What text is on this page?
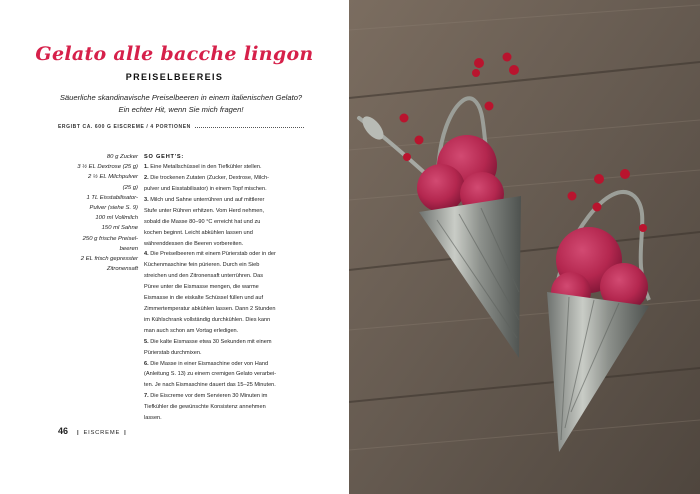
Gelato alle bacche lingon
PREISELBEEREIS
Säuerliche skandinavische Preiselbeeren in einem italienischen Gelato?
Ein echter Hit, wenn Sie mich fragen!
ERGIBT CA. 600 G EISCREME / 4 PORTIONEN
80 g Zucker
3 ½ EL Dextrose (25 g)
2 ½ EL Milchpulver
(25 g)
1 TL Eisstabilisator-
Pulver (siehe S. 9)
100 ml Vollmilch
150 ml Sahne
250 g frische Preisel-
beeren
2 EL frisch gepresster
Zitronensaft
SO GEHT'S:
1. Eine Metallschüssel in den Tiefkühler stellen.
2. Die trockenen Zutaten (Zucker, Dextrose, Milch-
pulver und Eisstabilisator) in einem Topf mischen.
3. Milch und Sahne unterrühren und auf mittlerer
Stufe unter Rühren erhitzen. Vom Herd nehmen,
sobald die Masse 80–90 °C erreicht hat und zu
kochen beginnt. Leicht abkühlen lassen und
währenddessen die Beeren vorbereiten.
4. Die Preiselbeeren mit einem Pürierstab oder in der
Küchenmaschine fein pürieren. Durch ein Sieb
streichen und den Zitronensaft unterrühren. Das
Püree unter die Eismasse mengen, die warme
Eismasse in die eiskalte Schüssel füllen und auf
Zimmertemperatur abkühlen lassen. Dann 2 Stunden
im Kühlschrank vollständig durchkühlen. Dies kann
man auch schon am Vortag erledigen.
5. Die kalte Eismasse etwa 30 Sekunden mit einem
Pürierstab durchmixen.
6. Die Masse in einer Eismaschine oder von Hand
(Anleitung S. 13) zu einem cremigen Gelato verarbei-
ten. Je nach Eismaschine dauert das 15–25 Minuten.
7. Die Eiscreme vor dem Servieren 30 Minuten im
Tiefkühler die gewünschte Konsistenz annehmen
lassen.
46 | EISCREME |
